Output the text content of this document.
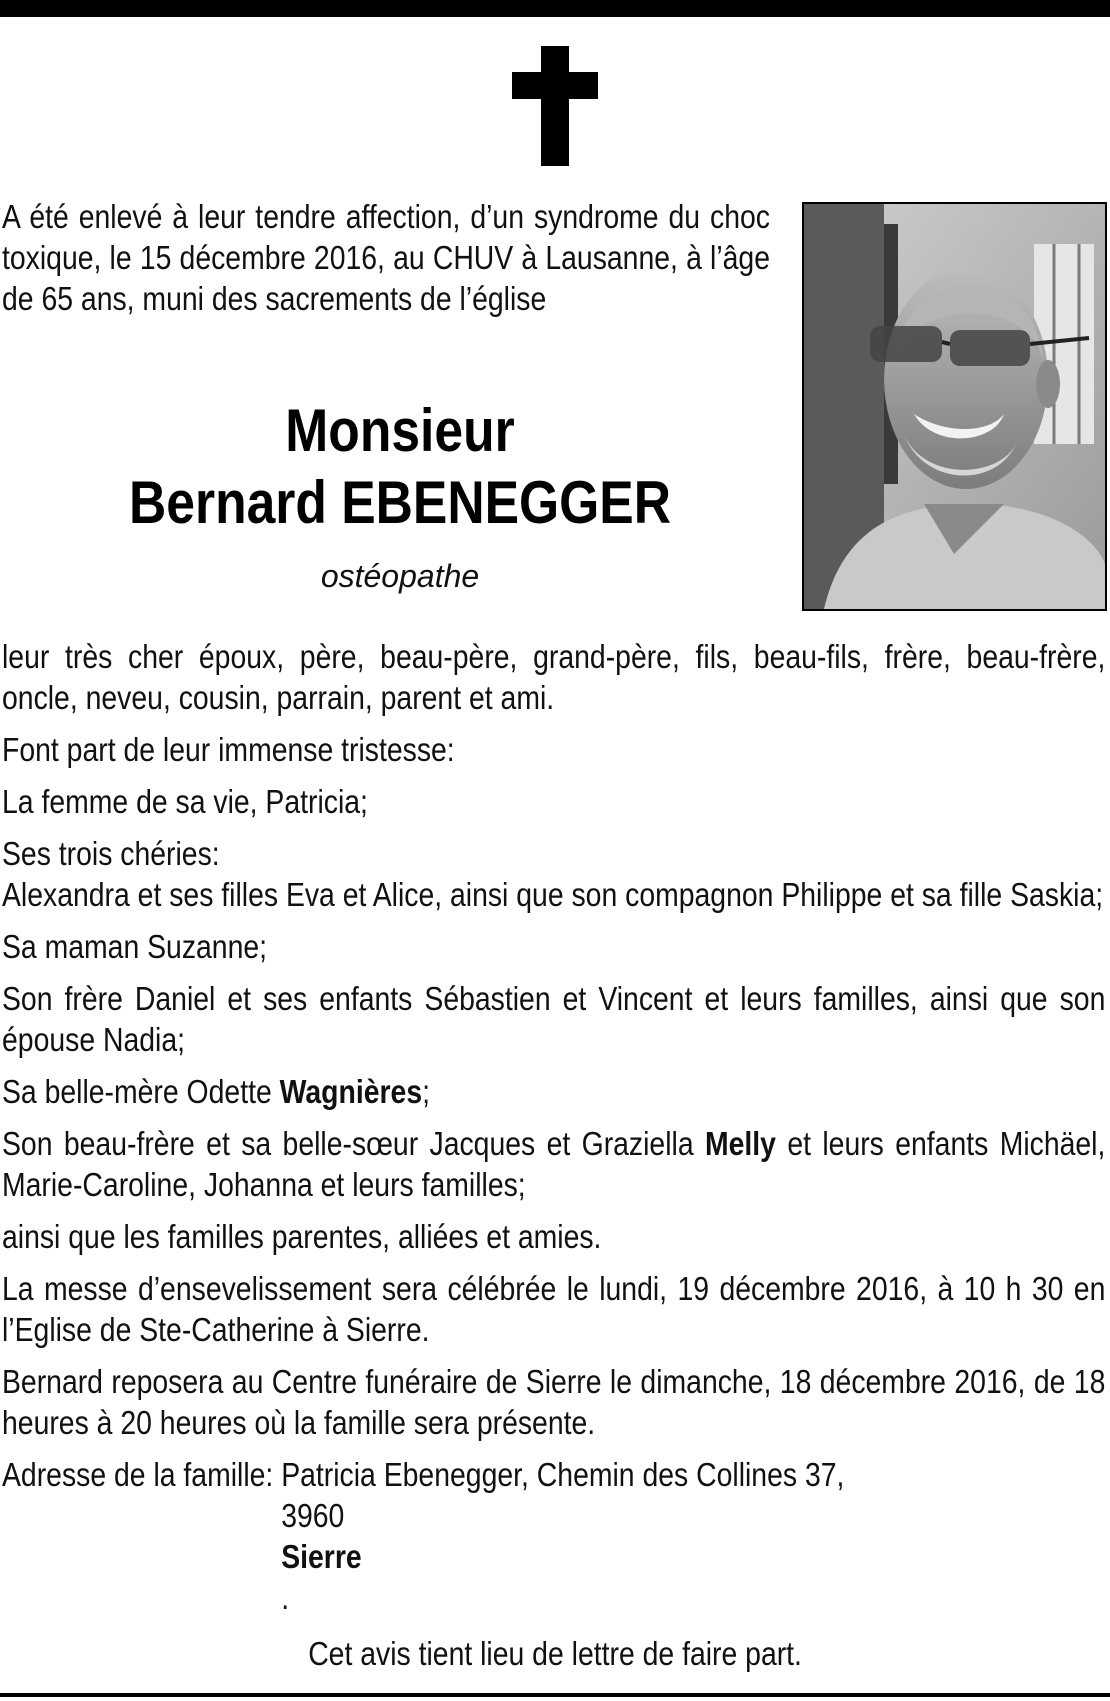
A été enlevé à leur tendre affection, d’un syndrome du choc toxique, le 15 décembre 2016, au CHUV à Lausanne, à l’âge de 65 ans, muni des sacrements de l’église
Monsieur
Bernard EBENEGGER
ostéopathe

leur très cher époux, père, beau-père, grand-père, fils, beau-fils, frère, beau-frère, oncle, neveu, cousin, parrain, parent et ami.

Font part de leur immense tristesse:

La femme de sa vie, Patricia;

Ses trois chéries:

Alexandra et ses filles Eva et Alice, ainsi que son compagnon Philippe et sa fille Saskia;

Sa maman Suzanne;

Son frère Daniel et ses enfants Sébastien et Vincent et leurs familles, ainsi que son épouse Nadia;

Sa belle-mère Odette Wagnières;

Son beau-frère et sa belle-sœur Jacques et Graziella Melly et leurs enfants Michäel, Marie-Caroline, Johanna et leurs familles;

ainsi que les familles parentes, alliées et amies.

La messe d’ensevelissement sera célébrée le lundi, 19 décembre 2016, à 10 h 30 en l’Eglise de Ste-Catherine à Sierre.

Bernard reposera au Centre funéraire de Sierre le dimanche, 18 décembre 2016, de 18 heures à 20 heures où la famille sera présente.

Adresse de la famille: Patricia Ebenegger, Chemin des Collines 37,
3960
Sierre
.
Cet avis tient lieu de lettre de faire part.
